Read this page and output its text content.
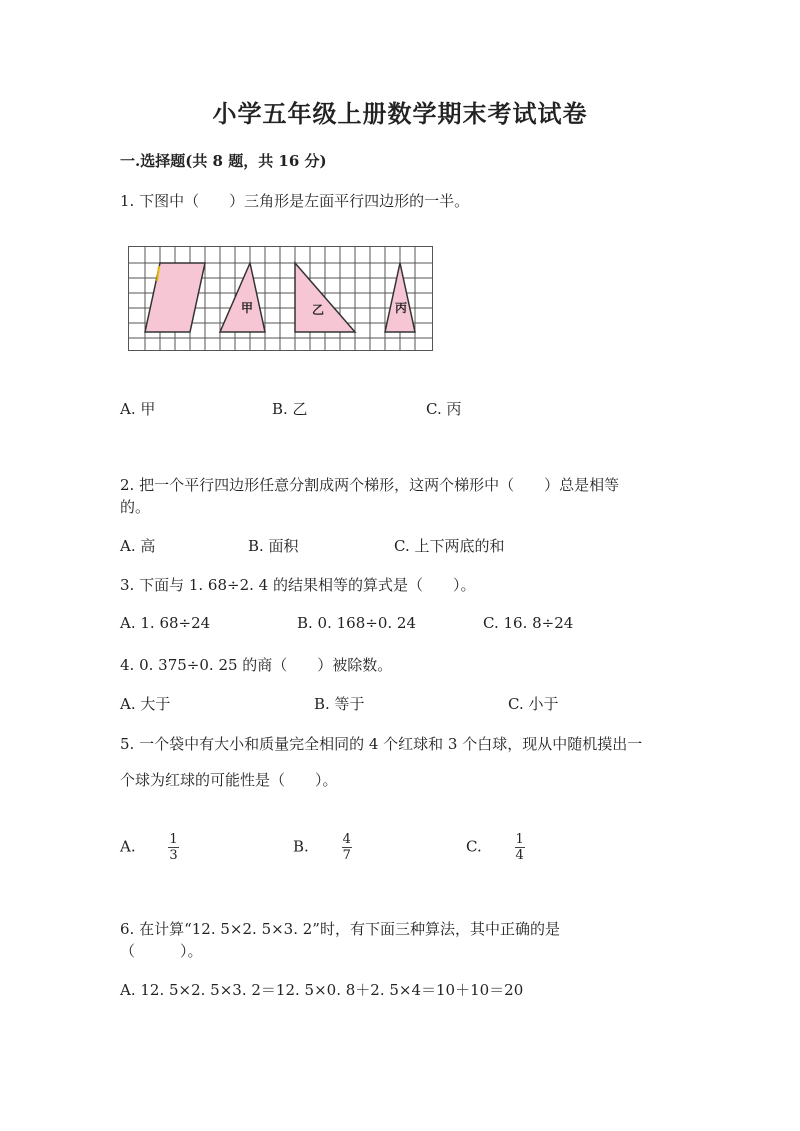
小学五年级上册数学期末考试试卷
一.选择题(共 8 题，共 16 分)
1. 下图中（　　）三角形是左面平行四边形的一半。
甲	乙	丙
A. 甲	B. 乙	C. 丙
2. 把一个平行四边形任意分割成两个梯形，这两个梯形中（　　）总是相等
的。
A. 高	B. 面积	C. 上下两底的和
3. 下面与 1. 68÷2. 4 的结果相等的算式是（　　）。
A. 1. 68÷24	B. 0. 168÷0. 24	C. 16. 8÷24
4. 0. 375÷0. 25 的商（　　）被除数。
A. 大于	B. 等于	C. 小于
5. 一个袋中有大小和质量完全相同的 4 个红球和 3 个白球，现从中随机摸出一
个球为红球的可能性是（　　）。
A.	$\frac{1}{3}$	B.	$\frac{4}{7}$	C.	$\frac{1}{4}$
6. 在计算“12. 5×2. 5×3. 2”时，有下面三种算法，其中正确的是
（　　　）。
A. 12. 5×2. 5×3. 2＝12. 5×0. 8＋2. 5×4＝10＋10＝20
